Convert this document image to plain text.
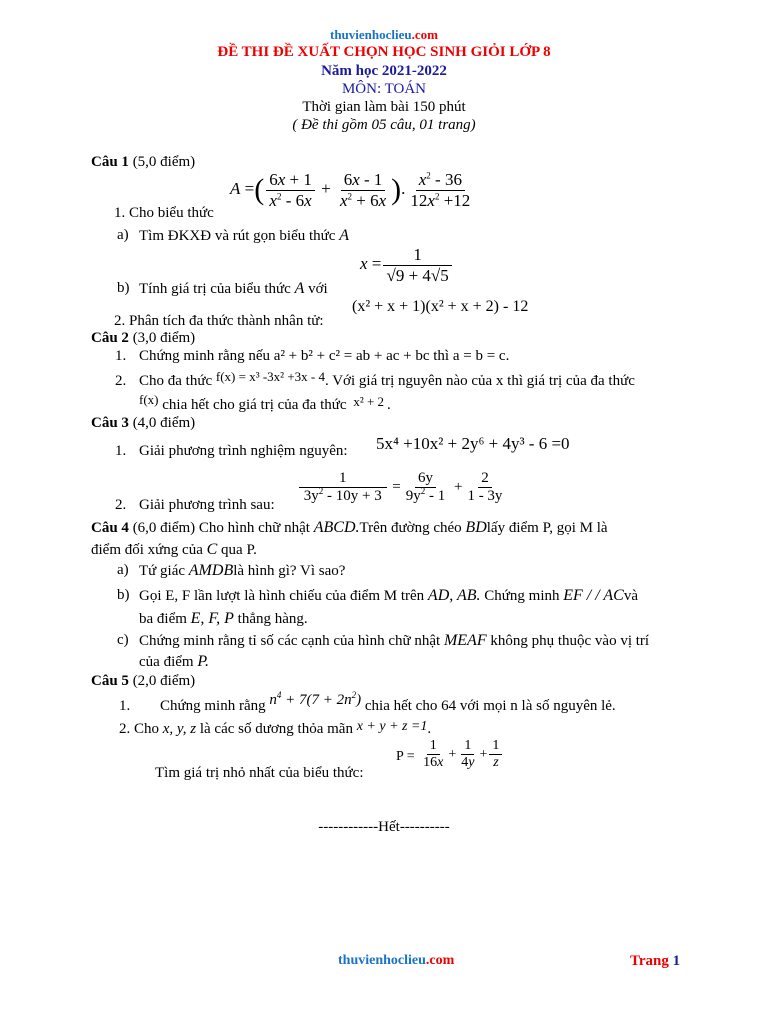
thuvienhoclieu.com
ĐỀ THI ĐỀ XUẤT CHỌN HỌC SINH GIỎI LỚP 8
Năm học 2021-2022
MÔN: TOÁN
Thời gian làm bài 150 phút
( Đề thi gồm 05 câu, 01 trang)
Câu 1 (5,0 điểm)
A =( $\frac{6x + 1}{x^2 - 6x} + \frac{6x - 1}{x^2 + 6x}$ ). $\frac{x^2 - 36}{12x^2 +12}$
1. Cho biểu thức
a) Tìm ĐKXĐ và rút gọn biểu thức A
$x = \frac{1}{√9 + 4√5}$
b) Tính giá trị của biểu thức A với
(x² + x + 1)(x² + x + 2) - 12
2. Phân tích đa thức thành nhân tử:
Câu 2 (3,0 điểm)
1. Chứng minh rằng nếu a² + b² + c² = ab + ac + bc thì a = b = c.
2. Cho đa thức f(x) = x³ -3x² +3x - 4. Với giá trị nguyên nào của x thì giá trị của đa thức
f(x) chia hết cho giá trị của đa thức x² + 2 .
Câu 3 (4,0 điểm)
1. Giải phương trình nghiệm nguyên: 5x⁴ +10x² + 2y⁶ + 4y³ - 6 =0
$\frac{1}{3y^2 - 10y + 3} = \frac{6y}{9y^2 - 1} + \frac{2}{1 - 3y}$
2. Giải phương trình sau:
Câu 4 (6,0 điểm) Cho hình chữ nhật ABCD.Trên đường chéo BDlấy điểm P, gọi M là
điểm đối xứng của C qua P.
a) Tứ giác AMDBlà hình gì? Vì sao?
b) Gọi E, F lần lượt là hình chiếu của điểm M trên AD, AB. Chứng minh EF / / ACvà
ba điểm E, F, P thẳng hàng.
c) Chứng minh rằng tỉ số các cạnh của hình chữ nhật MEAF không phụ thuộc vào vị trí
của điểm P.
Câu 5 (2,0 điểm)
1. Chứng minh rằng $n^4 + 7(7 + 2n^2)$ chia hết cho 64 với mọi n là số nguyên lẻ.
2. Cho x, y, z là các số dương thỏa mãn x + y + z =1.
Tìm giá trị nhỏ nhất của biểu thức:
$P = \frac{1}{16x} + \frac{1}{4y} + \frac{1}{z}$
------------Hết----------
thuvienhoclieu.com	Trang 1
